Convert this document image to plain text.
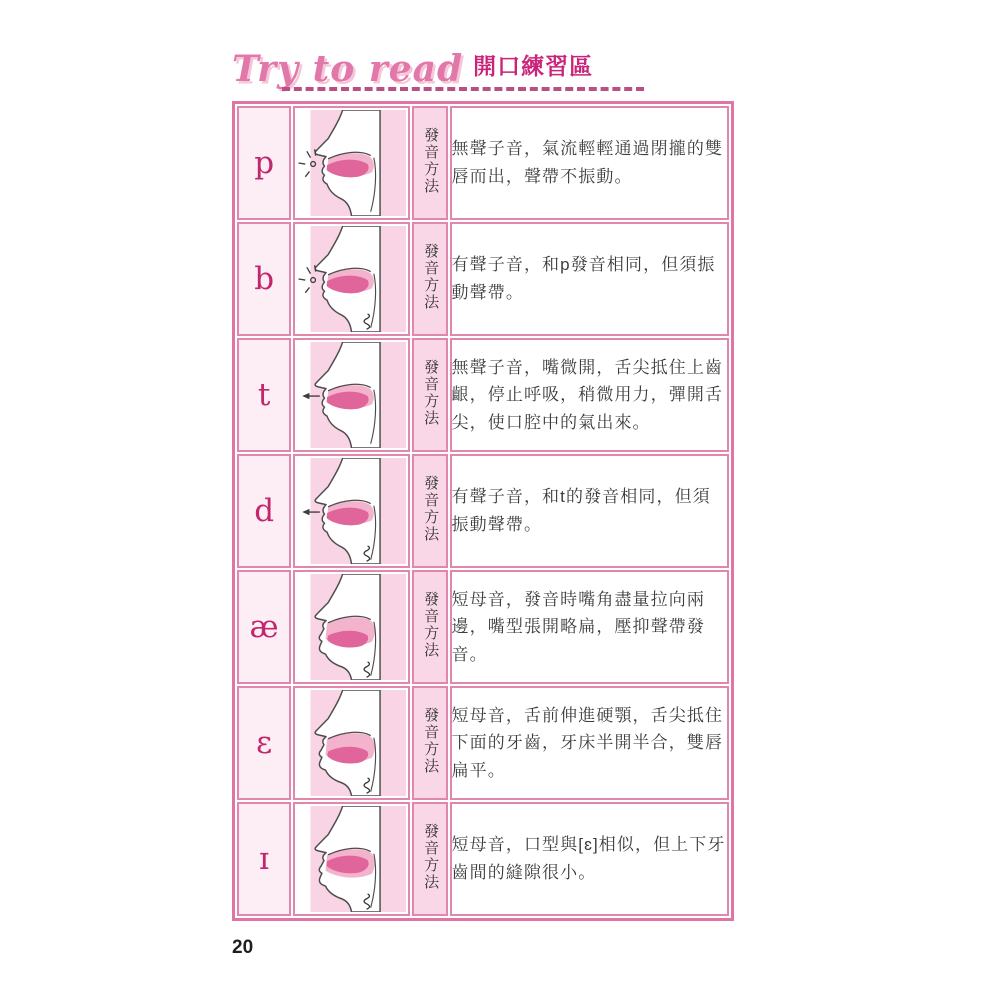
Try to read 開口練習區
p		發音方法	無聲子音，氣流輕輕通過閉攏的雙唇而出，聲帶不振動。
b		發音方法	有聲子音，和p發音相同，但須振動聲帶。
t		發音方法	無聲子音，嘴微開，舌尖抵住上齒齦，停止呼吸，稍微用力，彈開舌尖，使口腔中的氣出來。
d		發音方法	有聲子音，和t的發音相同，但須振動聲帶。
æ		發音方法	短母音，發音時嘴角盡量拉向兩邊，嘴型張開略扁，壓抑聲帶發音。
ɛ		發音方法	短母音，舌前伸進硬顎，舌尖抵住下面的牙齒，牙床半開半合，雙唇扁平。
ɪ		發音方法	短母音，口型與[ɛ]相似，但上下牙齒間的縫隙很小。
20
